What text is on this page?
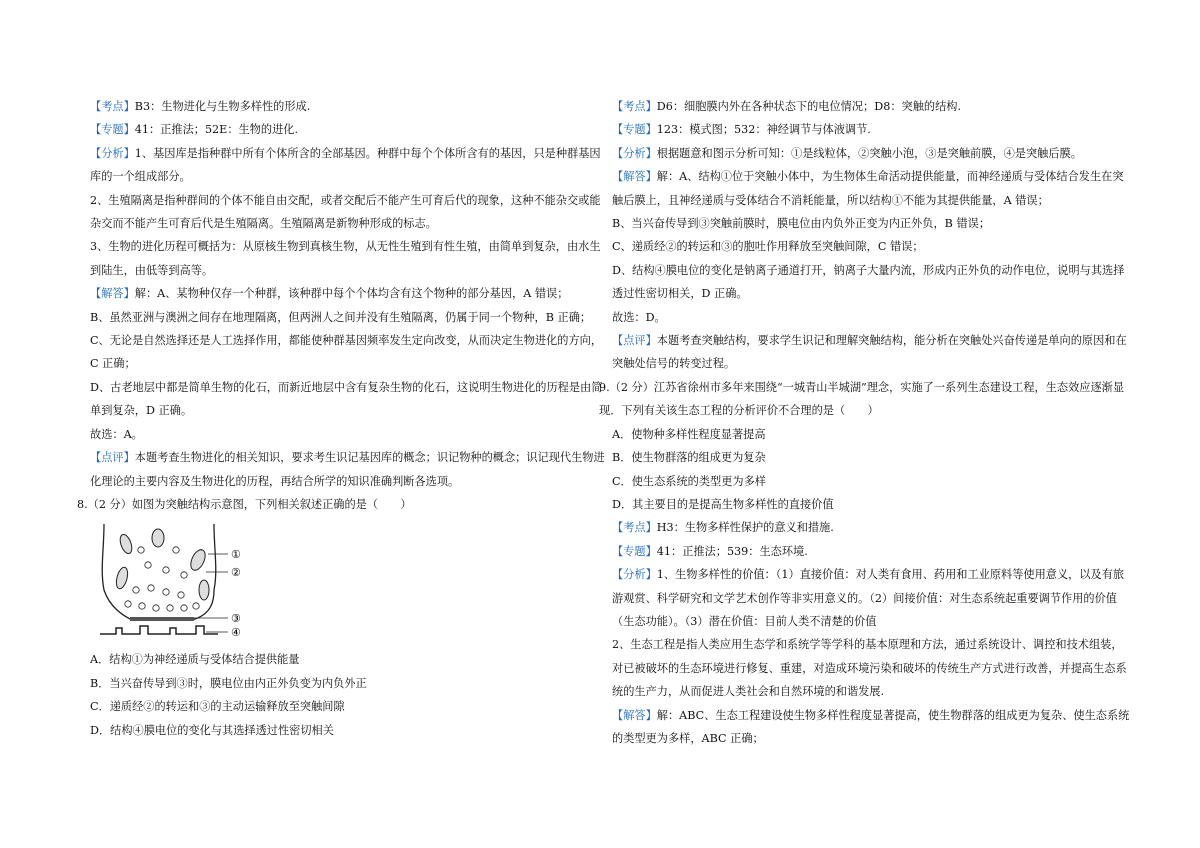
【考点】B3：生物进化与生物多样性的形成.

【专题】41：正推法；52E：生物的进化.

【分析】1、基因库是指种群中所有个体所含的全部基因。种群中每个个体所含有的基因，只是种群基因库的一个组成部分。

2、生殖隔离是指种群间的个体不能自由交配，或者交配后不能产生可育后代的现象，这种不能杂交或能杂交而不能产生可育后代是生殖隔离。生殖隔离是新物种形成的标志。

3、生物的进化历程可概括为：从原核生物到真核生物，从无性生殖到有性生殖，由简单到复杂，由水生到陆生，由低等到高等。

【解答】解：A、某物种仅存一个种群，该种群中每个个体均含有这个物种的部分基因，A 错误；

B、虽然亚洲与澳洲之间存在地理隔离，但两洲人之间并没有生殖隔离，仍属于同一个物种，B 正确；

C、无论是自然选择还是人工选择作用，都能使种群基因频率发生定向改变，从而决定生物进化的方向，C 正确；

D、古老地层中都是简单生物的化石，而新近地层中含有复杂生物的化石，这说明生物进化的历程是由简单到复杂，D 正确。

故选：A。

【点评】本题考查生物进化的相关知识，要求考生识记基因库的概念；识记物种的概念；识记现代生物进化理论的主要内容及生物进化的历程，再结合所学的知识准确判断各选项。

8.（2 分）如图为突触结构示意图，下列相关叙述正确的是（　　）

①
②
③
④

A．结构①为神经递质与受体结合提供能量

B．当兴奋传导到③时，膜电位由内正外负变为内负外正

C．递质经②的转运和③的主动运输释放至突触间隙

D．结构④膜电位的变化与其选择透过性密切相关

【考点】D6：细胞膜内外在各种状态下的电位情况；D8：突触的结构.

【专题】123：模式图；532：神经调节与体液调节.

【分析】根据题意和图示分析可知：①是线粒体，②突触小泡，③是突触前膜，④是突触后膜。

【解答】解：A、结构①位于突触小体中，为生物体生命活动提供能量，而神经递质与受体结合发生在突触后膜上，且神经递质与受体结合不消耗能量，所以结构①不能为其提供能量，A 错误；

B、当兴奋传导到③突触前膜时，膜电位由内负外正变为内正外负，B 错误；

C、递质经②的转运和③的胞吐作用释放至突触间隙，C 错误；

D、结构④膜电位的变化是钠离子通道打开，钠离子大量内流，形成内正外负的动作电位，说明与其选择透过性密切相关，D 正确。

故选：D。

【点评】本题考查突触结构，要求学生识记和理解突触结构，能分析在突触处兴奋传递是单向的原因和在突触处信号的转变过程。

9.（2 分）江苏省徐州市多年来围绕“一城青山半城湖”理念，实施了一系列生态建设工程，生态效应逐渐显现．下列有关该生态工程的分析评价不合理的是（　　）

A．使物种多样性程度显著提高

B．使生物群落的组成更为复杂

C．使生态系统的类型更为多样

D．其主要目的是提高生物多样性的直接价值

【考点】H3：生物多样性保护的意义和措施.

【专题】41：正推法；539：生态环境.

【分析】1、生物多样性的价值：（1）直接价值：对人类有食用、药用和工业原料等使用意义，以及有旅游观赏、科学研究和文学艺术创作等非实用意义的。（2）间接价值：对生态系统起重要调节作用的价值（生态功能）。（3）潜在价值：目前人类不清楚的价值

2、生态工程是指人类应用生态学和系统学等学科的基本原理和方法，通过系统设计、调控和技术组装，对已被破坏的生态环境进行修复、重建，对造成环境污染和破坏的传统生产方式进行改善，并提高生态系统的生产力，从而促进人类社会和自然环境的和谐发展.

【解答】解：ABC、生态工程建设使生物多样性程度显著提高，使生物群落的组成更为复杂、使生态系统的类型更为多样，ABC 正确；
